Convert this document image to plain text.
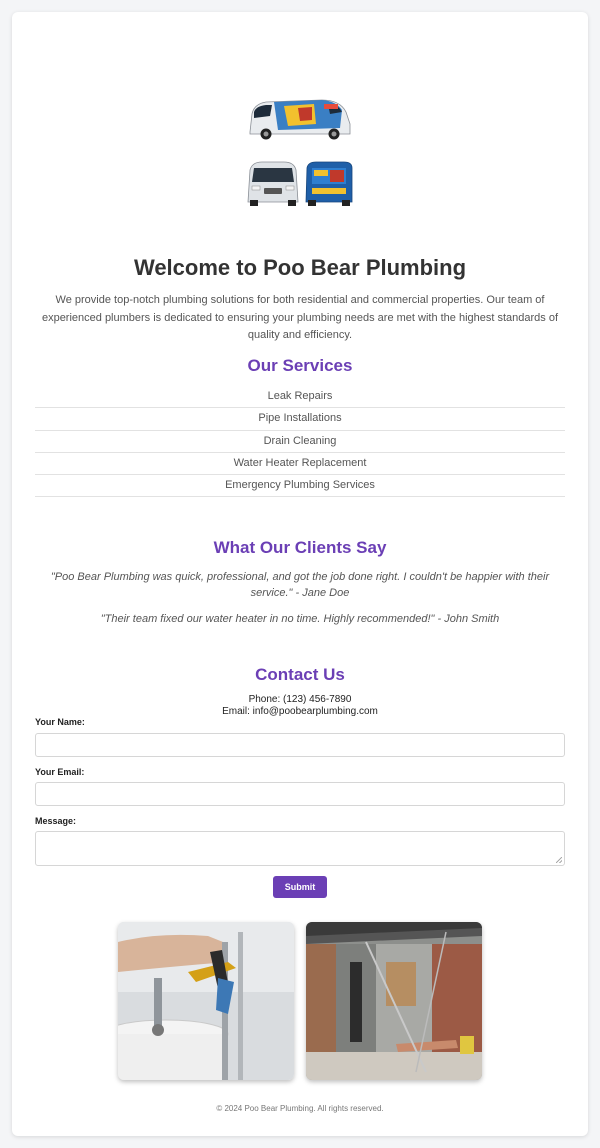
Welcome to Poo Bear Plumbing

We provide top-notch plumbing solutions for both residential and commercial properties. Our team of experienced plumbers is dedicated to ensuring your plumbing needs are met with the highest standards of quality and efficiency.

Our Services
Leak Repairs
Pipe Installations
Drain Cleaning
Water Heater Replacement
Emergency Plumbing Services
What Our Clients Say

"Poo Bear Plumbing was quick, professional, and got the job done right. I couldn't be happier with their service." - Jane Doe

"Their team fixed our water heater in no time. Highly recommended!" - John Smith

Contact Us

Phone: (123) 456-7890

Email: info@poobearplumbing.com

Your Name:
Your Email:
Message:
Submit

© 2024 Poo Bear Plumbing. All rights reserved.
